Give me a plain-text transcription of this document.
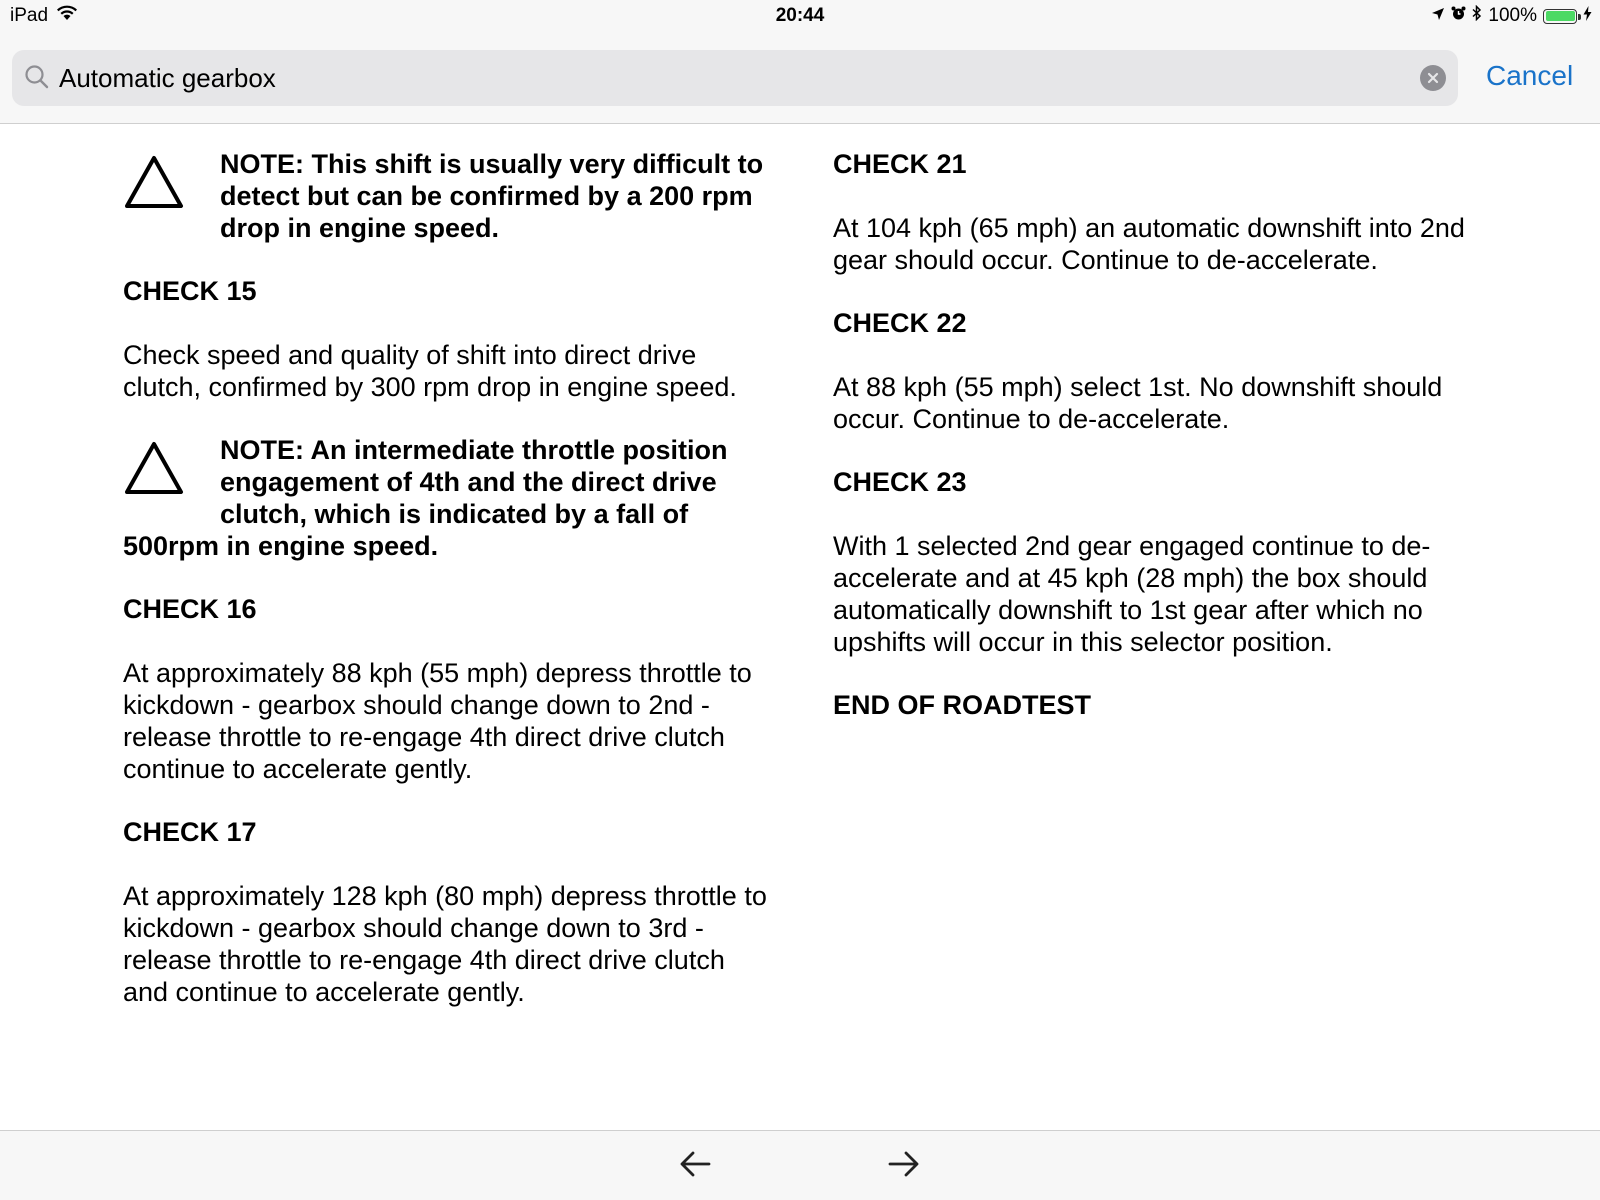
iPad	20:44	100%
Automatic gearbox
Cancel
NOTE: This shift is usually very difficult to detect but can be confirmed by a 200 rpm drop in engine speed.

CHECK 15

Check speed and quality of shift into direct drive clutch, confirmed by 300 rpm drop in engine speed.

NOTE: An intermediate throttle position
engagement of 4th and the direct drive
clutch, which is indicated by a fall of
500rpm in engine speed.

CHECK 16

At approximately 88 kph (55 mph) depress throttle to kickdown - gearbox should change down to 2nd - release throttle to re-engage 4th direct drive clutch continue to accelerate gently.

CHECK 17

At approximately 128 kph (80 mph) depress throttle to kickdown - gearbox should change down to 3rd - release throttle to re-engage 4th direct drive clutch and continue to accelerate gently.

CHECK 21

At 104 kph (65 mph) an automatic downshift into 2nd gear should occur. Continue to de-accelerate.

CHECK 22

At 88 kph (55 mph) select 1st. No downshift should occur. Continue to de-accelerate.

CHECK 23

With 1 selected 2nd gear engaged continue to de-accelerate and at 45 kph (28 mph) the box should automatically downshift to 1st gear after which no upshifts will occur in this selector position.

END OF ROADTEST
